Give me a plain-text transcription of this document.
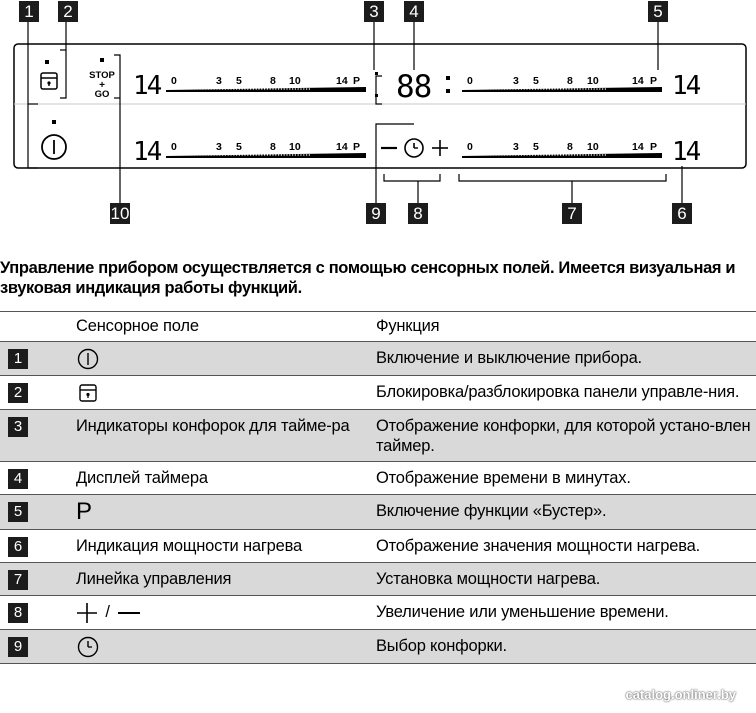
STOP
+
GO 14 0	3 5	8 10	14 P 88	0	3 5	8 10	14 P 14
14 0	3 5	8 10	14 P	0	3 5	8 10	14 P 14
1	2	3	4	5
10	9	8	7	6
Управление прибором осуществляется с помощью сенсорных полей. Имеется визуальная и звуковая индикация работы функций.
	Сенсорное поле	Функция
1		Включение и выключение прибора.
2		Блокировка/разблокировка панели управле-ния.
3	Индикаторы конфорок для тайме-ра	Отображение конфорки, для которой устано-влен таймер.
4	Дисплей таймера	Отображение времени в минутах.
5	P	Включение функции «Бустер».
6	Индикация мощности нагрева	Отображение значения мощности нагрева.
7	Линейка управления	Установка мощности нагрева.
8	/	Увеличение или уменьшение времени.
9		Выбор конфорки.
catalog.onliner.by
